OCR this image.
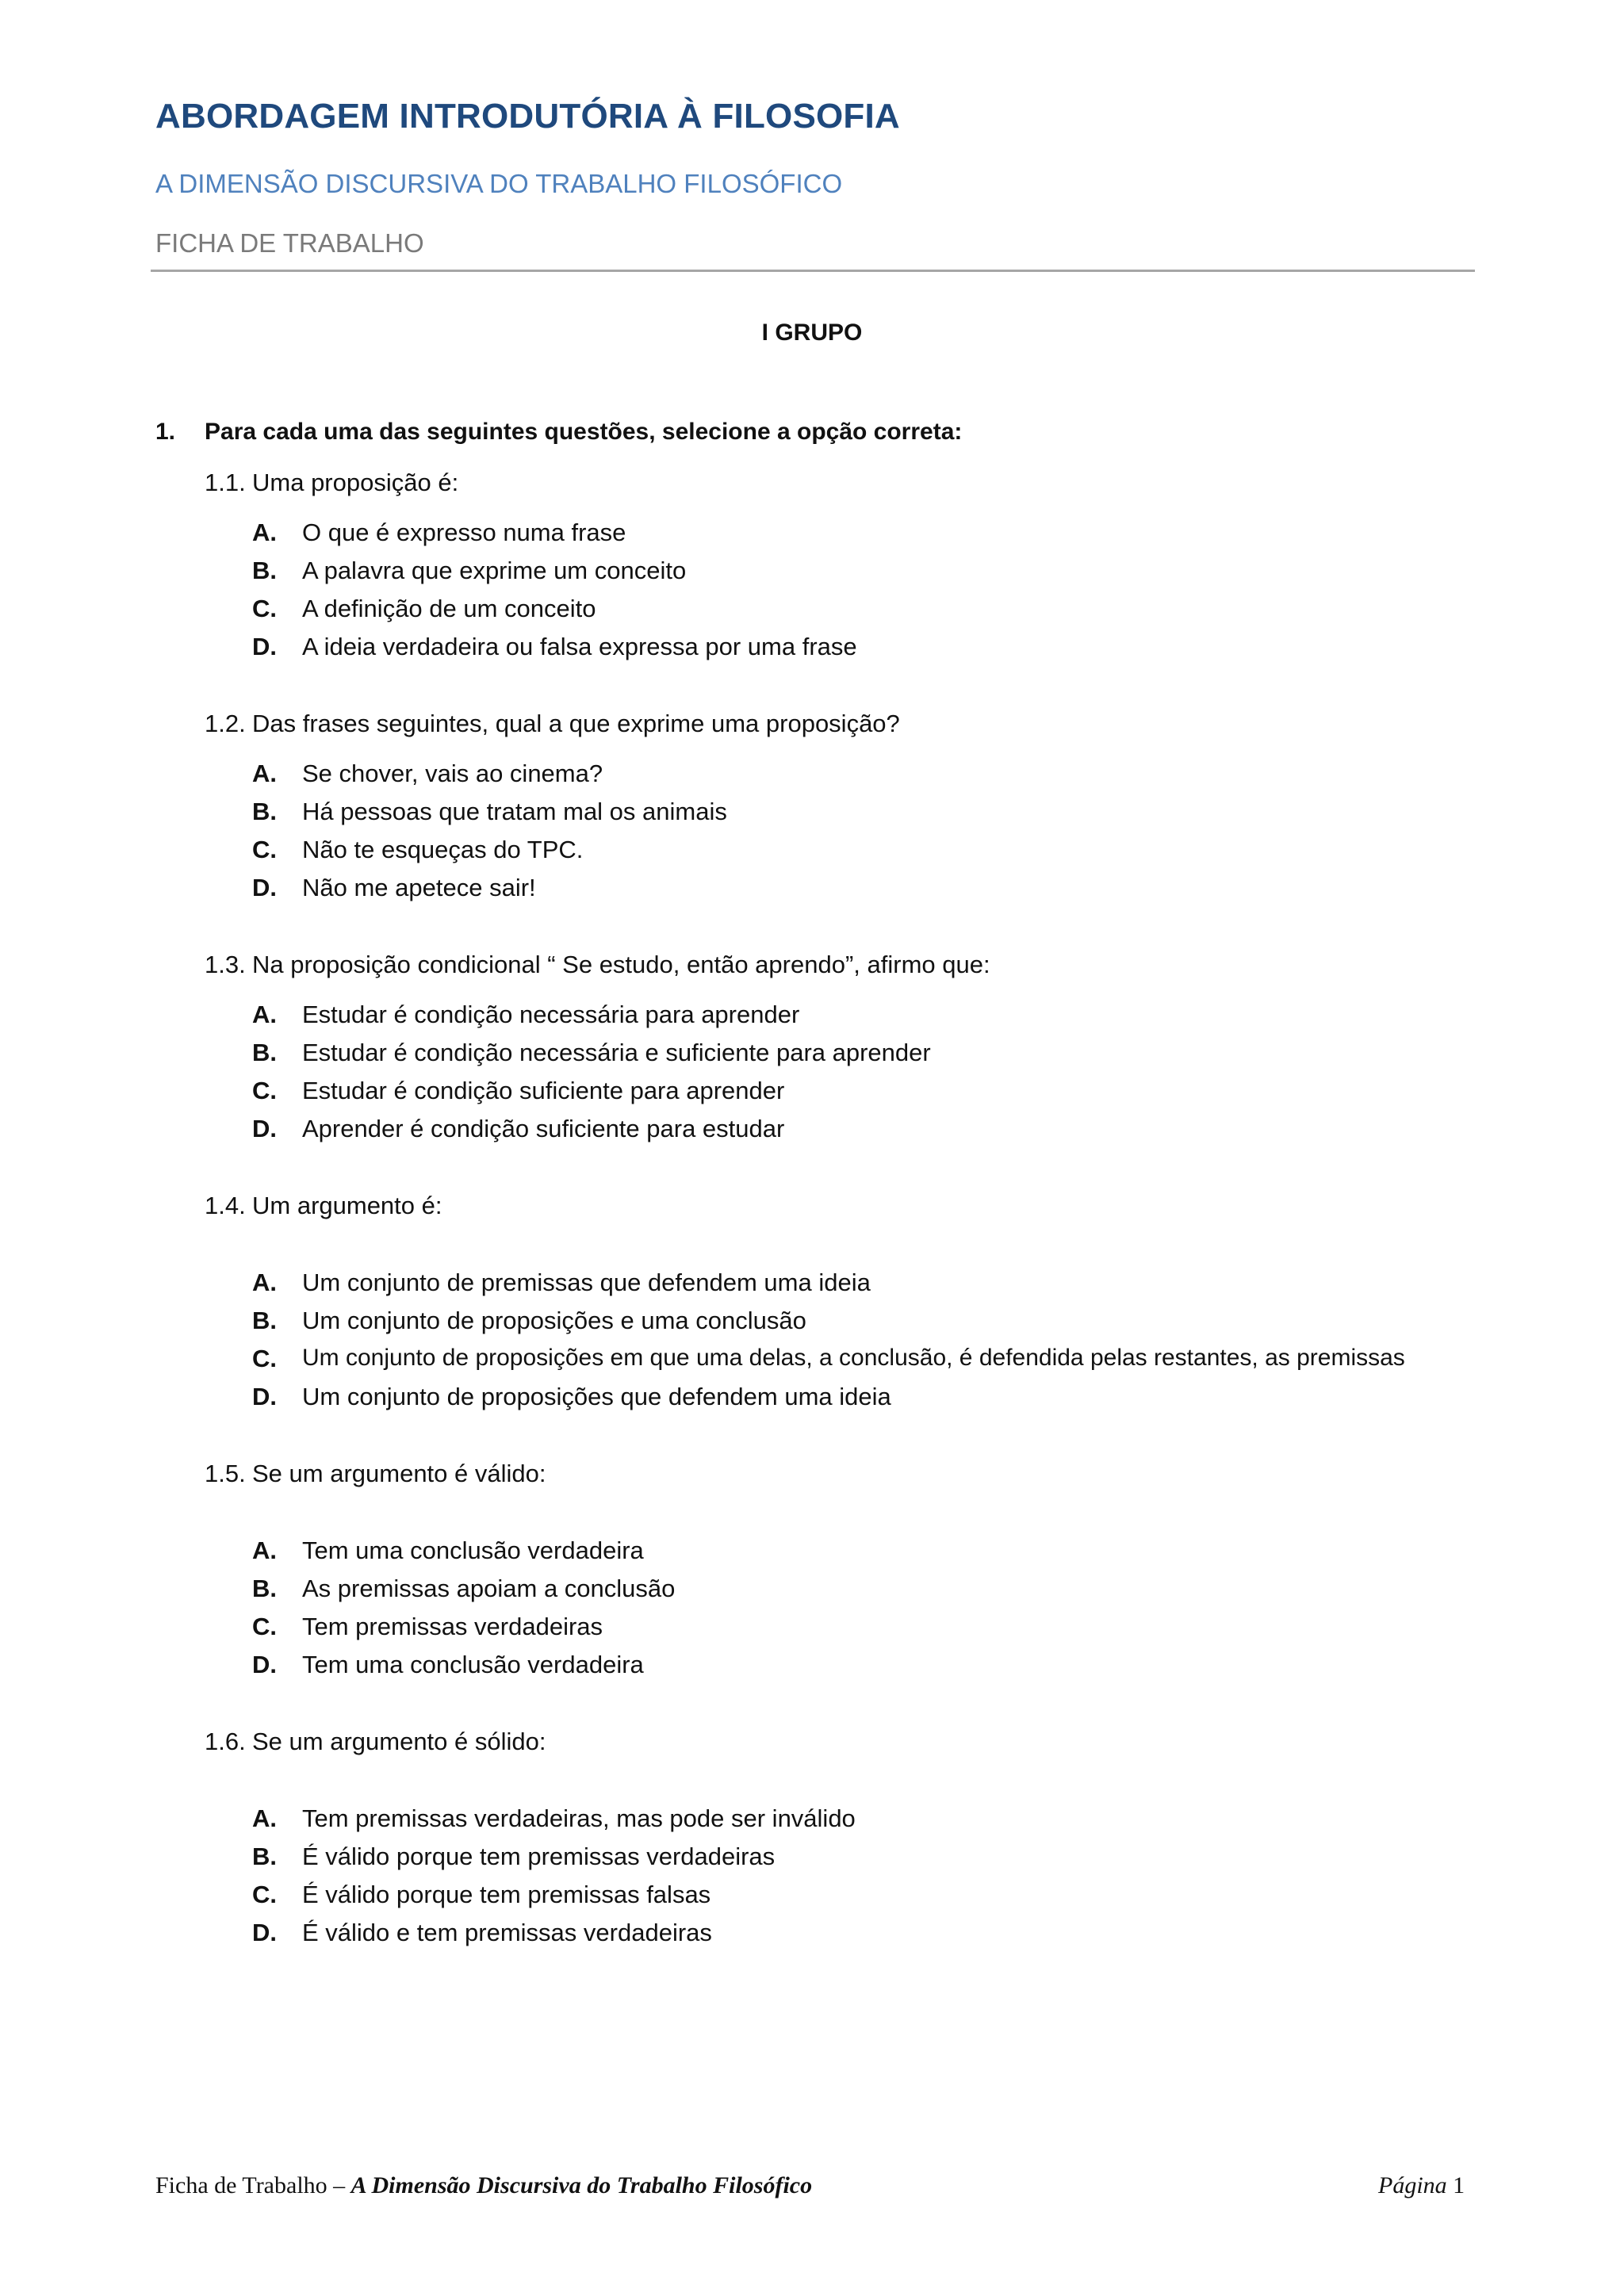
ABORDAGEM INTRODUTÓRIA À FILOSOFIA
A DIMENSÃO DISCURSIVA DO TRABALHO FILOSÓFICO
FICHA DE TRABALHO
I GRUPO
1. Para cada uma das seguintes questões, selecione a opção correta:
1.1. Uma proposição é:
A. O que é expresso numa frase
B. A palavra que exprime um conceito
C. A definição de um conceito
D. A ideia verdadeira ou falsa expressa por uma frase
1.2. Das frases seguintes, qual a que exprime uma proposição?
A. Se chover, vais ao cinema?
B. Há pessoas que tratam mal os animais
C. Não te esqueças do TPC.
D. Não me apetece sair!
1.3. Na proposição condicional “ Se estudo, então aprendo”, afirmo que:
A. Estudar é condição necessária para aprender
B. Estudar é condição necessária e suficiente para aprender
C. Estudar é condição suficiente para aprender
D. Aprender é condição suficiente para estudar
1.4. Um argumento é:
A. Um conjunto de premissas que defendem uma ideia
B. Um conjunto de proposições e uma conclusão
C. Um conjunto de proposições em que uma delas, a conclusão, é defendida pelas restantes, as premissas
D. Um conjunto de proposições que defendem uma ideia
1.5. Se um argumento é válido:
A. Tem uma conclusão verdadeira
B. As premissas apoiam a conclusão
C. Tem premissas verdadeiras
D. Tem uma conclusão verdadeira
1.6. Se um argumento é sólido:
A. Tem premissas verdadeiras, mas pode ser inválido
B. É válido porque tem premissas verdadeiras
C. É válido porque tem premissas falsas
D. É válido e tem premissas verdadeiras
Ficha de Trabalho – A Dimensão Discursiva do Trabalho Filosófico	Página 1
